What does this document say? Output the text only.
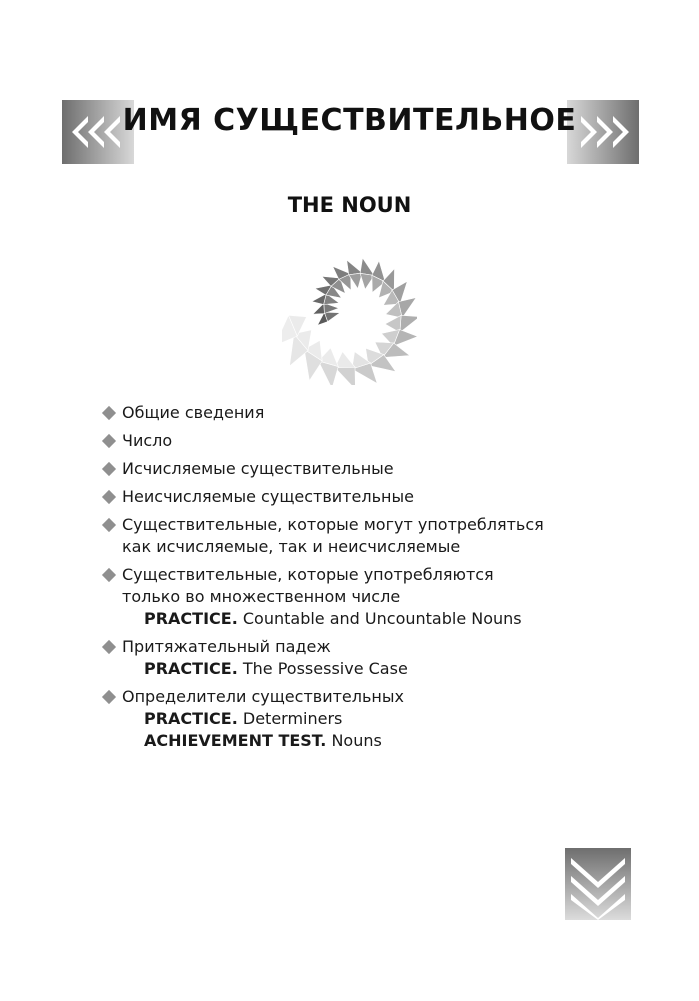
ИМЯ СУЩЕСТВИТЕЛЬНОЕ
THE NOUN
Общие сведения
Число
Исчисляемые существительные
Неисчисляемые существительные
Существительные, которые могут употребляться
как исчисляемые, так и неисчисляемые
Существительные, которые употребляются
только во множественном числе
PRACTICE. Countable and Uncountable Nouns
Притяжательный падеж
PRACTICE. The Possessive Case
Определители существительных
PRACTICE. Determiners
ACHIEVEMENT TEST. Nouns
